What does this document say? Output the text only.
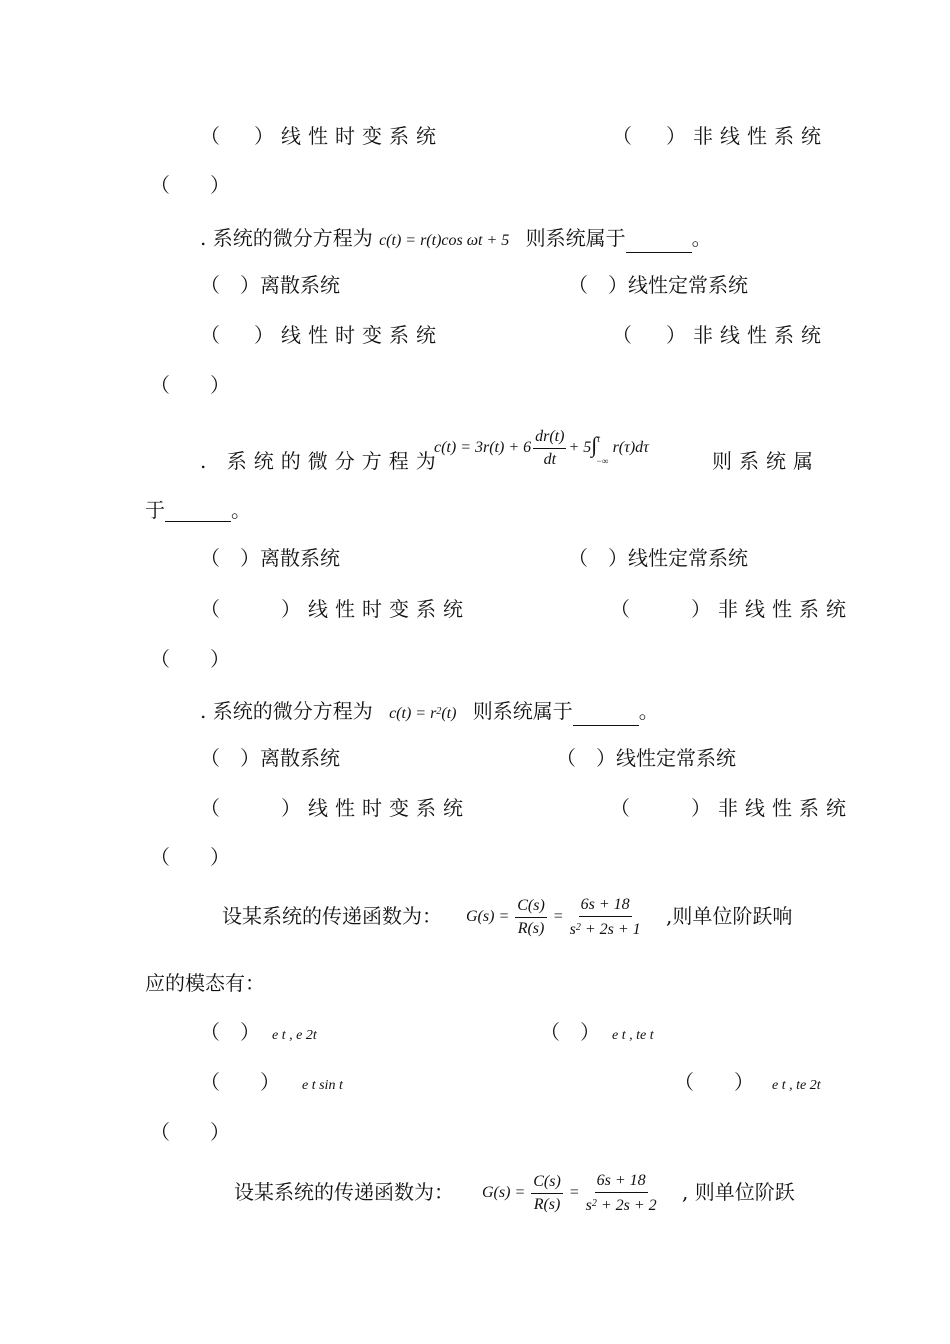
（　）线性时变系统	（　）非线性系统
（　　）
. 系统的微分方程为 c(t) = r(t)cos ωt + 5 则系统属于	。
（　）离散系统	（　）线性定常系统
（　）线性时变系统	（　）非线性系统
（　　）
. 系统的微分方程为
$c(t) = 3r(t) + 6 \frac{dr(t)}{dt} + 5\int^t_{-\infty}$ r(τ)dτ
则系统属
于	。
（　）离散系统	（　）线性定常系统
（　　）线性时变系统	（　　）非线性系统
（　　）
. 系统的微分方程为 $c(t) = r^2(t)$ 则系统属于	。
（　）离散系统	（　）线性定常系统
（　　）线性时变系统	（　　）非线性系统
（　　）
设某系统的传递函数为： $G(s) = \frac{C(s)}{R(s)} = \frac{6s + 18}{s^2 + 2s + 1}$ ,则单位阶跃响
应的模态有：
（　） e t , e 2t	（　） e t , te t
（　　） e t sin t	（　　） e t , te 2t
（　　）
设某系统的传递函数为： $G(s) = \frac{C(s)}{R(s)} = \frac{6s + 18}{s^2 + 2s + 2}$ , 则单位阶跃
